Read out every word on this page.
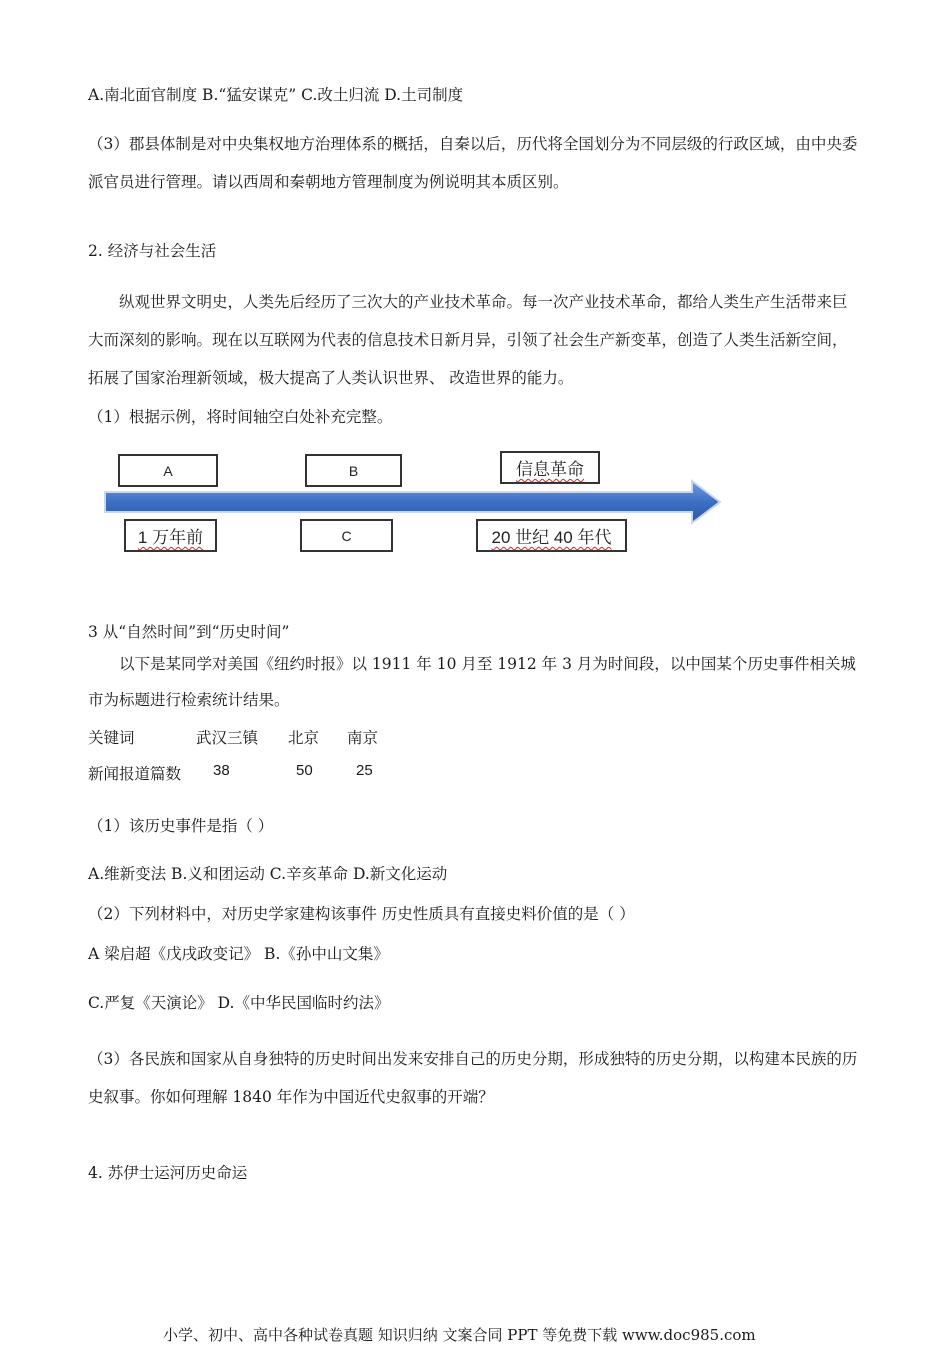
A.南北面官制度 B.“猛安谋克” C.改土归流 D.土司制度
（3）郡县体制是对中央集权地方治理体系的概括，自秦以后，历代将全国划分为不同层级的行政区域，由中央委派官员进行管理。请以西周和秦朝地方管理制度为例说明其本质区别。
2. 经济与社会生活
纵观世界文明史，人类先后经历了三次大的产业技术革命。每一次产业技术革命，都给人类生产生活带来巨大而深刻的影响。现在以互联网为代表的信息技术日新月异，引领了社会生产新变革，创造了人类生活新空间，拓展了国家治理新领域，极大提高了人类认识世界、 改造世界的能力。
（1）根据示例，将时间轴空白处补充完整。
A	B	信息革命
1 万年前	C	20 世纪 40 年代
3 从“自然时间”到“历史时间”
以下是某同学对美国《纽约时报》以 1911 年 10 月至 1912 年 3 月为时间段，以中国某个历史事件相关城市为标题进行检索统计结果。
关键词	武汉三镇 北京 南京
新闻报道篇数 38	50	25
（1）该历史事件是指（ ）
A.维新变法 B.义和团运动 C.辛亥革命 D.新文化运动
（2）下列材料中，对历史学家建构该事件 历史性质具有直接史料价值的是（ ）
A 梁启超《戊戌政变记》 B.《孙中山文集》
C.严复《天演论》 D.《中华民国临时约法》
（3）各民族和国家从自身独特的历史时间出发来安排自己的历史分期，形成独特的历史分期，以构建本民族的历史叙事。你如何理解 1840 年作为中国近代史叙事的开端？
4. 苏伊士运河历史命运
小学、初中、高中各种试卷真题 知识归纳 文案合同 PPT 等免费下载 www.doc985.com
